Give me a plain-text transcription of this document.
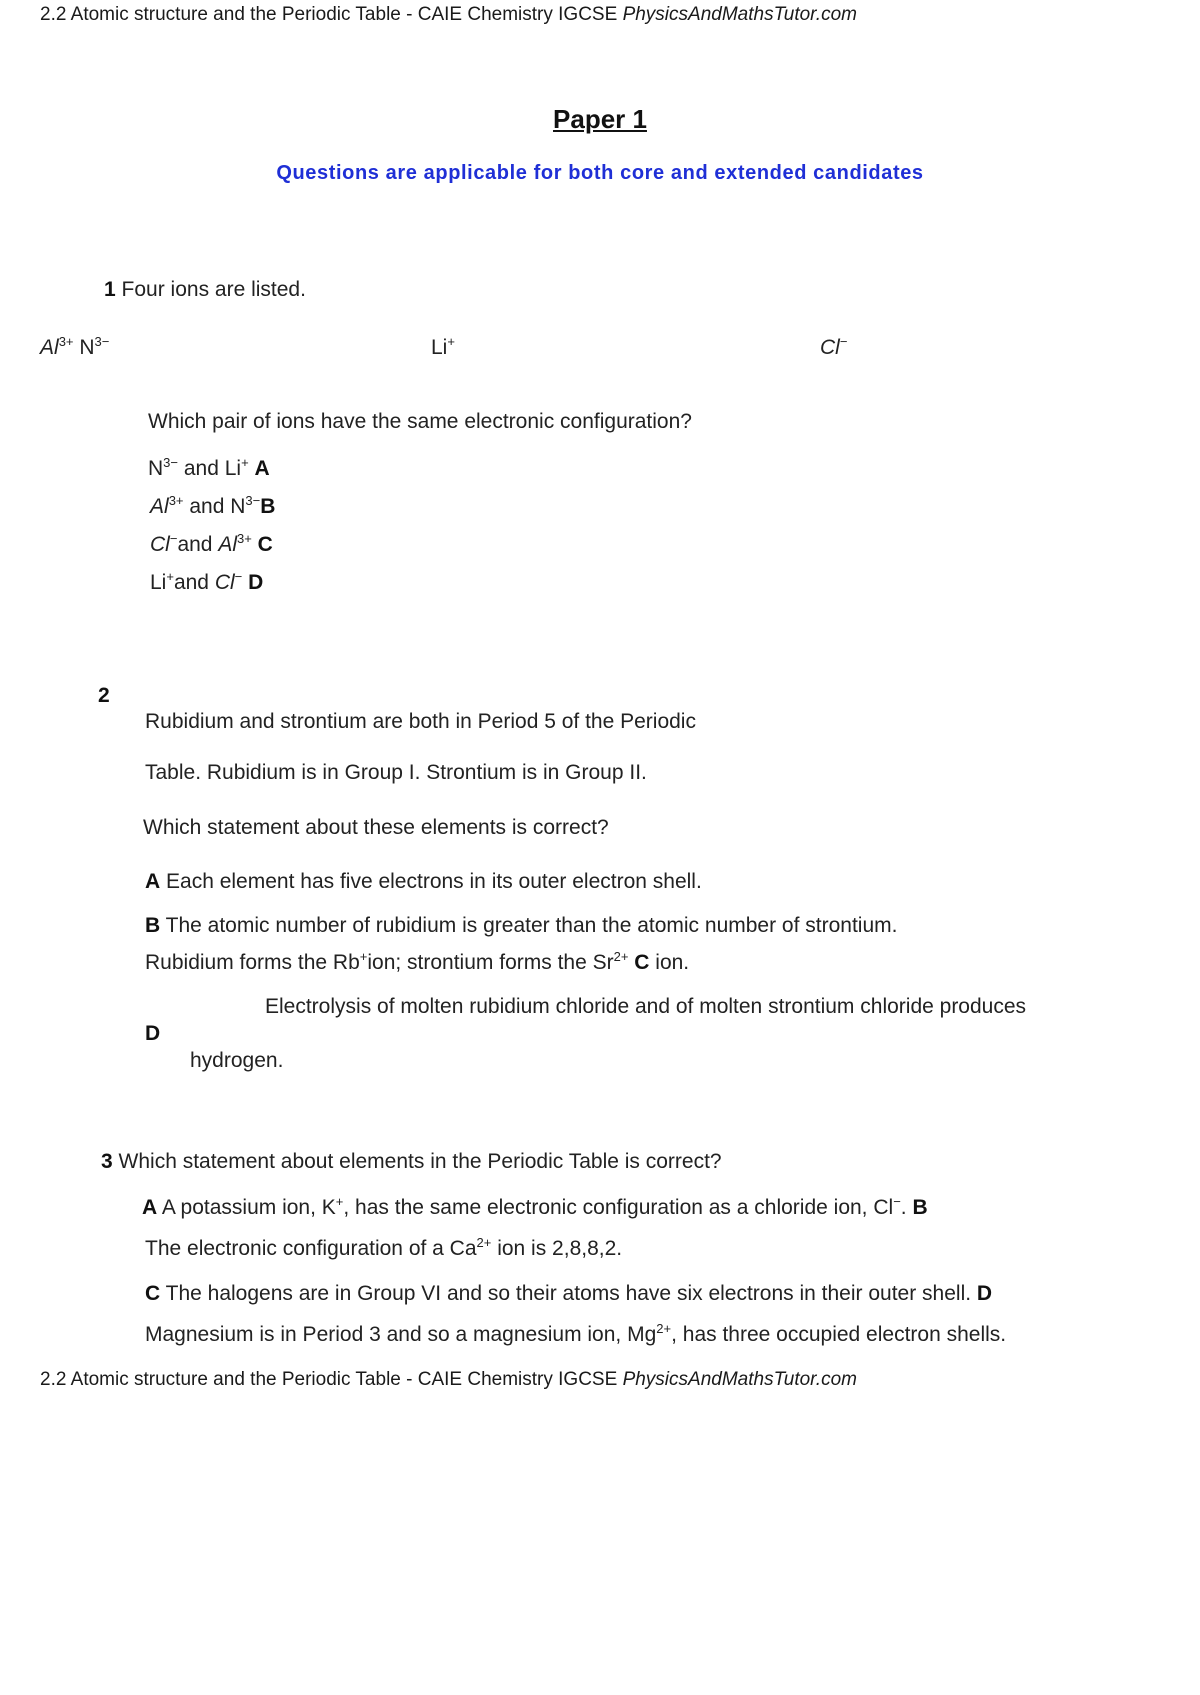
2.2 Atomic structure and the Periodic Table - CAIE Chemistry IGCSE PhysicsAndMathsTutor.com
Paper 1
Questions are applicable for both core and extended candidates
1 Four ions are listed.
$Al^{3+}$ $N^{3-}$	Li+	Cl−
Which pair of ions have the same electronic configuration?
$N^{3-}$ and Li+ A
$Al^{3+}$ and $N^{3-}B$
Cl−and $Al^{3+}$ C
Li+and Cl− D
2
Rubidium and strontium are both in Period 5 of the Periodic
Table. Rubidium is in Group I. Strontium is in Group II.
Which statement about these elements is correct?
A Each element has five electrons in its outer electron shell.
B The atomic number of rubidium is greater than the atomic number of strontium.
Rubidium forms the Rb+ion; strontium forms the $Sr^{2+}$ C ion.
Electrolysis of molten rubidium chloride and of molten strontium chloride produces
D
hydrogen.
3 Which statement about elements in the Periodic Table is correct?
A A potassium ion, K+, has the same electronic configuration as a chloride ion, Cl−. B
The electronic configuration of a $Ca^{2+}$ ion is 2,8,8,2.
C The halogens are in Group VI and so their atoms have six electrons in their outer shell. D
Magnesium is in Period 3 and so a magnesium ion, $Mg^{2+}$, has three occupied electron shells.
2.2 Atomic structure and the Periodic Table - CAIE Chemistry IGCSE PhysicsAndMathsTutor.com
